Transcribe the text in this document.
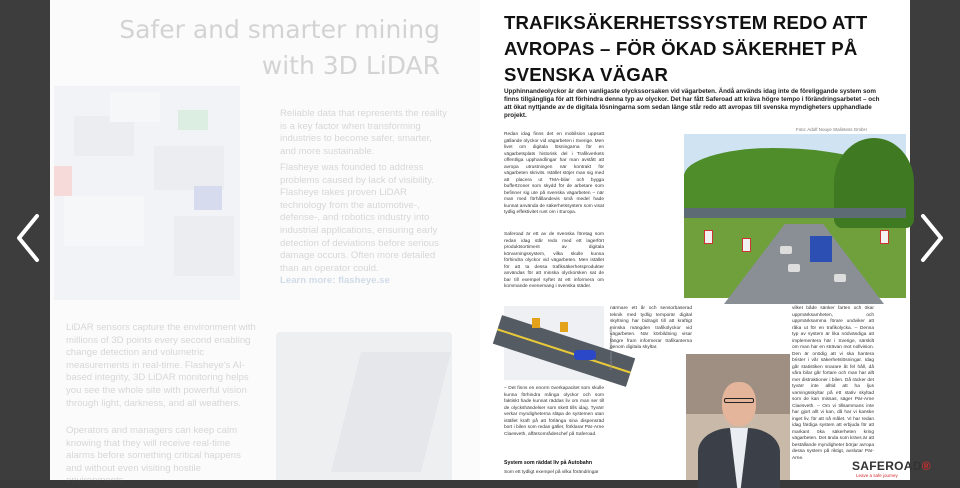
Safer and smarter mining with 3D LiDAR
Reliable data that represents the reality is a key factor when transforming industries to become safer, smarter, and more sustainable.
Flasheye was founded to address problems caused by lack of visibility. Flasheye takes proven LiDAR technology from the automotive-, defense-, and robotics industry into industrial applications, ensuring early detection of deviations before serious damage occurs. Often more detailed than an operator could.
Learn more: flasheye.se
LiDAR sensors capture the environment with millions of 3D points every second enabling change detection and volumetric measurements in real-time. Flasheye's AI-based integrity, 3D LiDAR monitoring helps you see the whole site with powerful vision through light, darkness, and all weathers.
Operators and managers can keep calm knowing that they will receive real-time alarms before something critical happens and without even visiting hostile environments.
TRAFIKSÄKERHETSSYSTEM REDO ATT AVROPAS – FÖR ÖKAD SÄKERHET PÅ SVENSKA VÄGAR
Upphinnandeolyckor är den vanligaste olyckssorsaken vid vägarbeten. Ändå används idag inte de föreliggande system som finns tillgängliga för att förhindra denna typ av olyckor. Det har fått Saferoad att kräva högre tempo i förändringsarbetet – och att ökat nyttjande av de digitala lösningarna som sedan länge står redo att avropas till svenska myndigheters upphandlade projekt.
Foto: Adolf Nouye Stalintess GmbH
Redan idag finns det en mobilsion uppsatt gällande olyckor vid vägarbeten i Sverige. Men livet om digitala lösningarna för en vägarbetsplats historisk del i Trafikverkets offentliga upphandlingar har man avstått att avropa utrustningen när kontrakt för vägarbeten skrivits. Istället stöjer man sig med att placera ut TMA-bilar och bygga buffertzoner som skydd för de arbetare som befinner sig ute på svenska vägarbeten – när man med förhållandevis små medel hade kunnat använda de säkerhetssystem som visat tydlig effektivitet runt om i Europa.
Saferoad är ett av de svenska företag som redan idag står redo med ett lagerfört produktsortiment av digitala körvarningssystem, vilka skulle kunna förhindra olyckor vid vägarbeten. Men istället för att ta dessa trafiksäkerhetsprodukter användas för att minska olyckorsken sat de bar till exempel syftet ät ett informera om kommande evenemang i svenska städer.
Illustration: Saferoad AB
närmare ett år och sensorbaserad teknik med tydlig temporär digital skyltning har bidragit till att kraftigt minska mängden trafikolyckor vid vägarbeten. När körbildning visar längre fram informerar trafikanterna genom digitala skyltar.
vilket både sänker farten och ökar uppmärksamheten, och uppmärksamma förare undviker att råka ut för en trafikolycka. – Denna typ av system är lika nödvändiga att implementera här i Sverige, särskilt om man har en strävan mot nollvision. Den är onödig att vi ska hantera brister i vår säkerhetslösningar. Idag går statistiken snarare åt fel håll, då våra bilar går fortare och man har allt mer distraktioner i bilen. Då räcker det tyvärr inte alltid att ha ljus varningsskyltar på ett stativ skyltad som de kan missas, säger Pär-Arne Claesveth. – Om vi tillsammans inte har gjort allt vi kan, då har vi kanske inget liv, för att nå målet. Vi har redan idag färdiga system att erbjuda för att markant öka säkerheten kring vägarbeten. Det ända som krävs är att beställande myndigheter börjar avropa dessa system på riktigt, avslutar Pär-Arne.
– Det finns en enorm överkapacitet som skulle kunna förhindra många olyckor och som faktiskt hade kunnat räddas liv om man ser till de olyckshändelser som skett tills idag. Tyvärr verkar myndigheterna släpa de systemen utan istället kraft på att förlänga sina dispensräd bort i bilen som redan gäller, förklarar Pär-Arne Claesveth, affärsområdeschef på Saferoad.
System som räddat liv på Autobahn
Som ett tydligt exempel på vilka förändringar	SAFEROAD®
Leave a safe journey
